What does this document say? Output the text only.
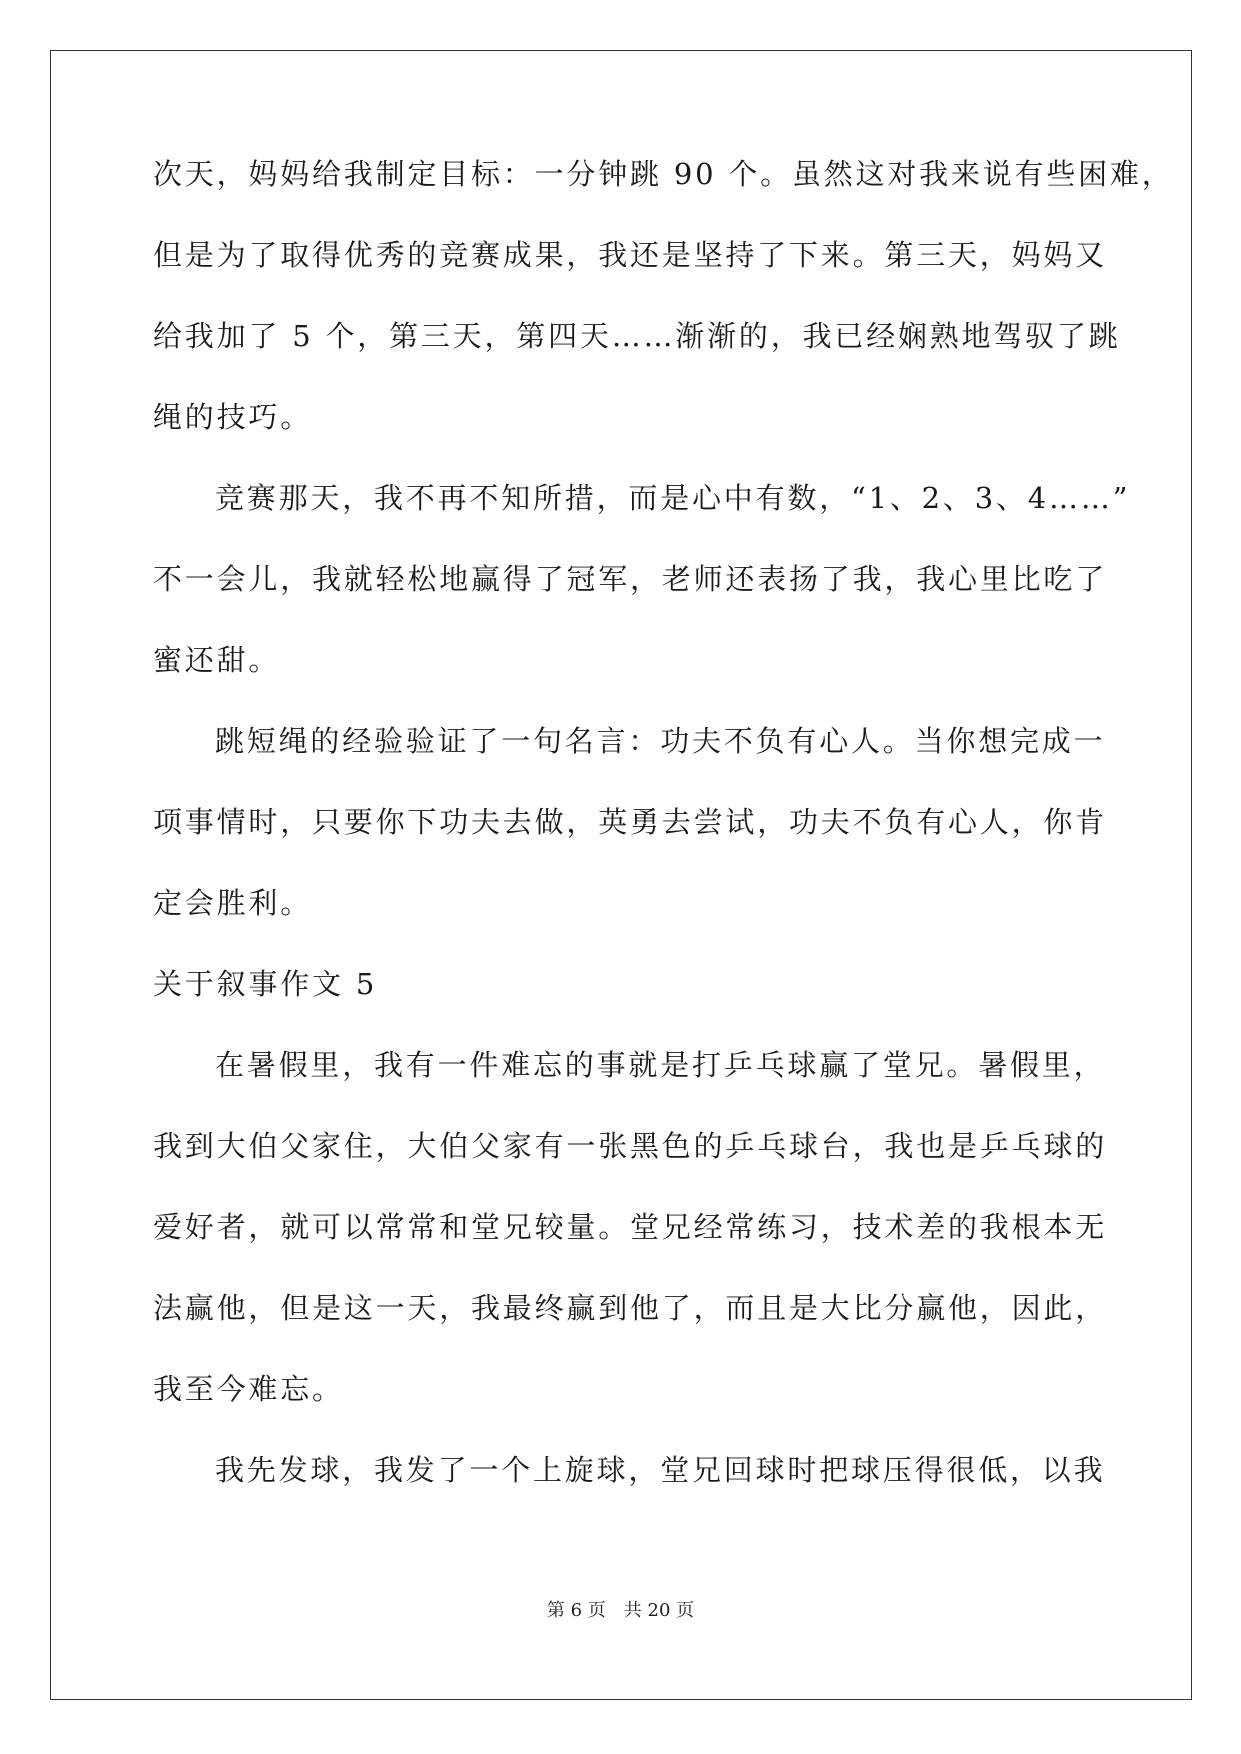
次天，妈妈给我制定目标：一分钟跳 90 个。虽然这对我来说有些困难，
但是为了取得优秀的竞赛成果，我还是坚持了下来。第三天，妈妈又
给我加了 5 个，第三天，第四天……渐渐的，我已经娴熟地驾驭了跳
绳的技巧。
竞赛那天，我不再不知所措，而是心中有数，“1、2、3、4……”
不一会儿，我就轻松地赢得了冠军，老师还表扬了我，我心里比吃了
蜜还甜。
跳短绳的经验验证了一句名言：功夫不负有心人。当你想完成一
项事情时，只要你下功夫去做，英勇去尝试，功夫不负有心人，你肯
定会胜利。
关于叙事作文 5
在暑假里，我有一件难忘的事就是打乒乓球赢了堂兄。暑假里，
我到大伯父家住，大伯父家有一张黑色的乒乓球台，我也是乒乓球的
爱好者，就可以常常和堂兄较量。堂兄经常练习，技术差的我根本无
法赢他，但是这一天，我最终赢到他了，而且是大比分赢他，因此，
我至今难忘。
我先发球，我发了一个上旋球，堂兄回球时把球压得很低，以我
第 6 页 共 20 页
